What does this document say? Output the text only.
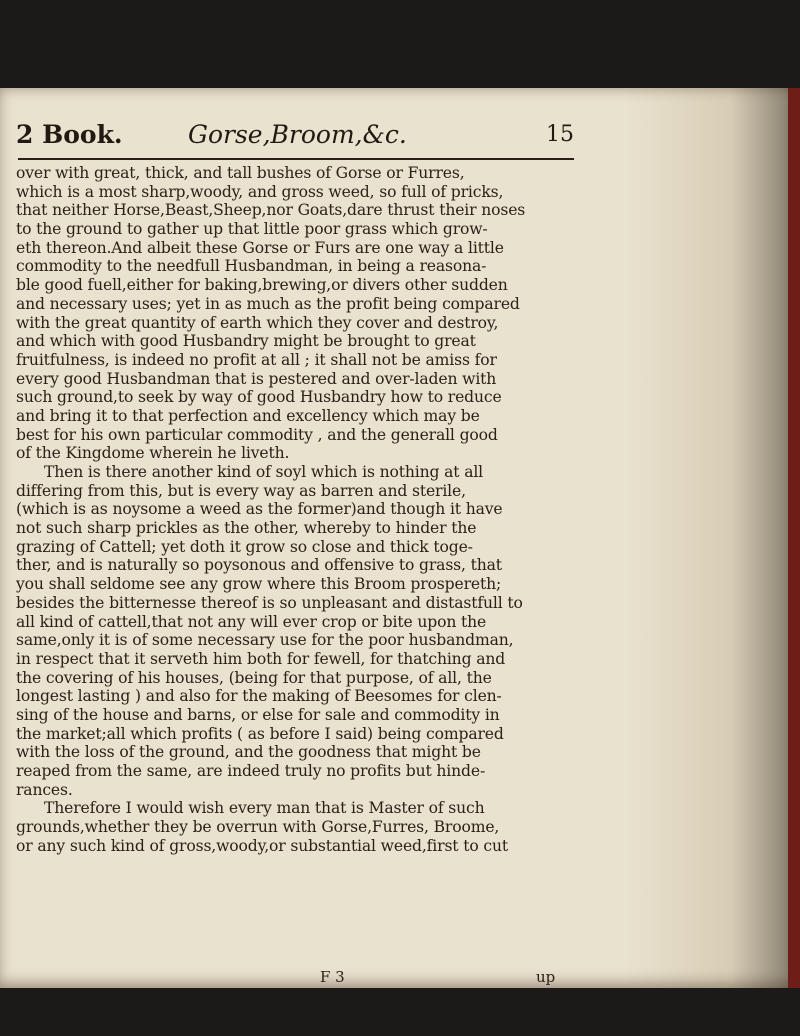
2 Book.	Gorse,Broom,&c.	15
over with great, thick, and tall bushes of Gorse or Furres,
which is a most sharp,woody, and gross weed, so full of pricks,
that neither Horse,Beast,Sheep,nor Goats,dare thrust their noses
to the ground to gather up that little poor grass which grow-
eth thereon.And albeit these Gorse or Furs are one way a little
commodity to the needfull Husbandman, in being a reasona-
ble good fuell,either for baking,brewing,or divers other sudden
and necessary uses; yet in as much as the profit being compared
with the great quantity of earth which they cover and destroy,
and which with good Husbandry might be brought to great
fruitfulness, is indeed no profit at all ; it shall not be amiss for
every good Husbandman that is pestered and over-laden with
such ground,to seek by way of good Husbandry how to reduce
and bring it to that perfection and excellency which may be
best for his own particular commodity , and the generall good
of the Kingdome wherein he liveth.
Then is there another kind of soyl which is nothing at all
differing from this, but is every way as barren and sterile,
(which is as noysome a weed as the former)and though it have
not such sharp prickles as the other, whereby to hinder the
grazing of Cattell; yet doth it grow so close and thick toge-
ther, and is naturally so poysonous and offensive to grass, that
you shall seldome see any grow where this Broom prospereth;
besides the bitternesse thereof is so unpleasant and distastfull to
all kind of cattell,that not any will ever crop or bite upon the
same,only it is of some necessary use for the poor husbandman,
in respect that it serveth him both for fewell, for thatching and
the covering of his houses, (being for that purpose, of all, the
longest lasting ) and also for the making of Beesomes for clen-
sing of the house and barns, or else for sale and commodity in
the market;all which profits ( as before I said) being compared
with the loss of the ground, and the goodness that might be
reaped from the same, are indeed truly no profits but hinde-
rances.
Therefore I would wish every man that is Master of such
grounds,whether they be overrun with Gorse,Furres, Broome,
or any such kind of gross,woody,or substantial weed,first to cut
F 3	up
